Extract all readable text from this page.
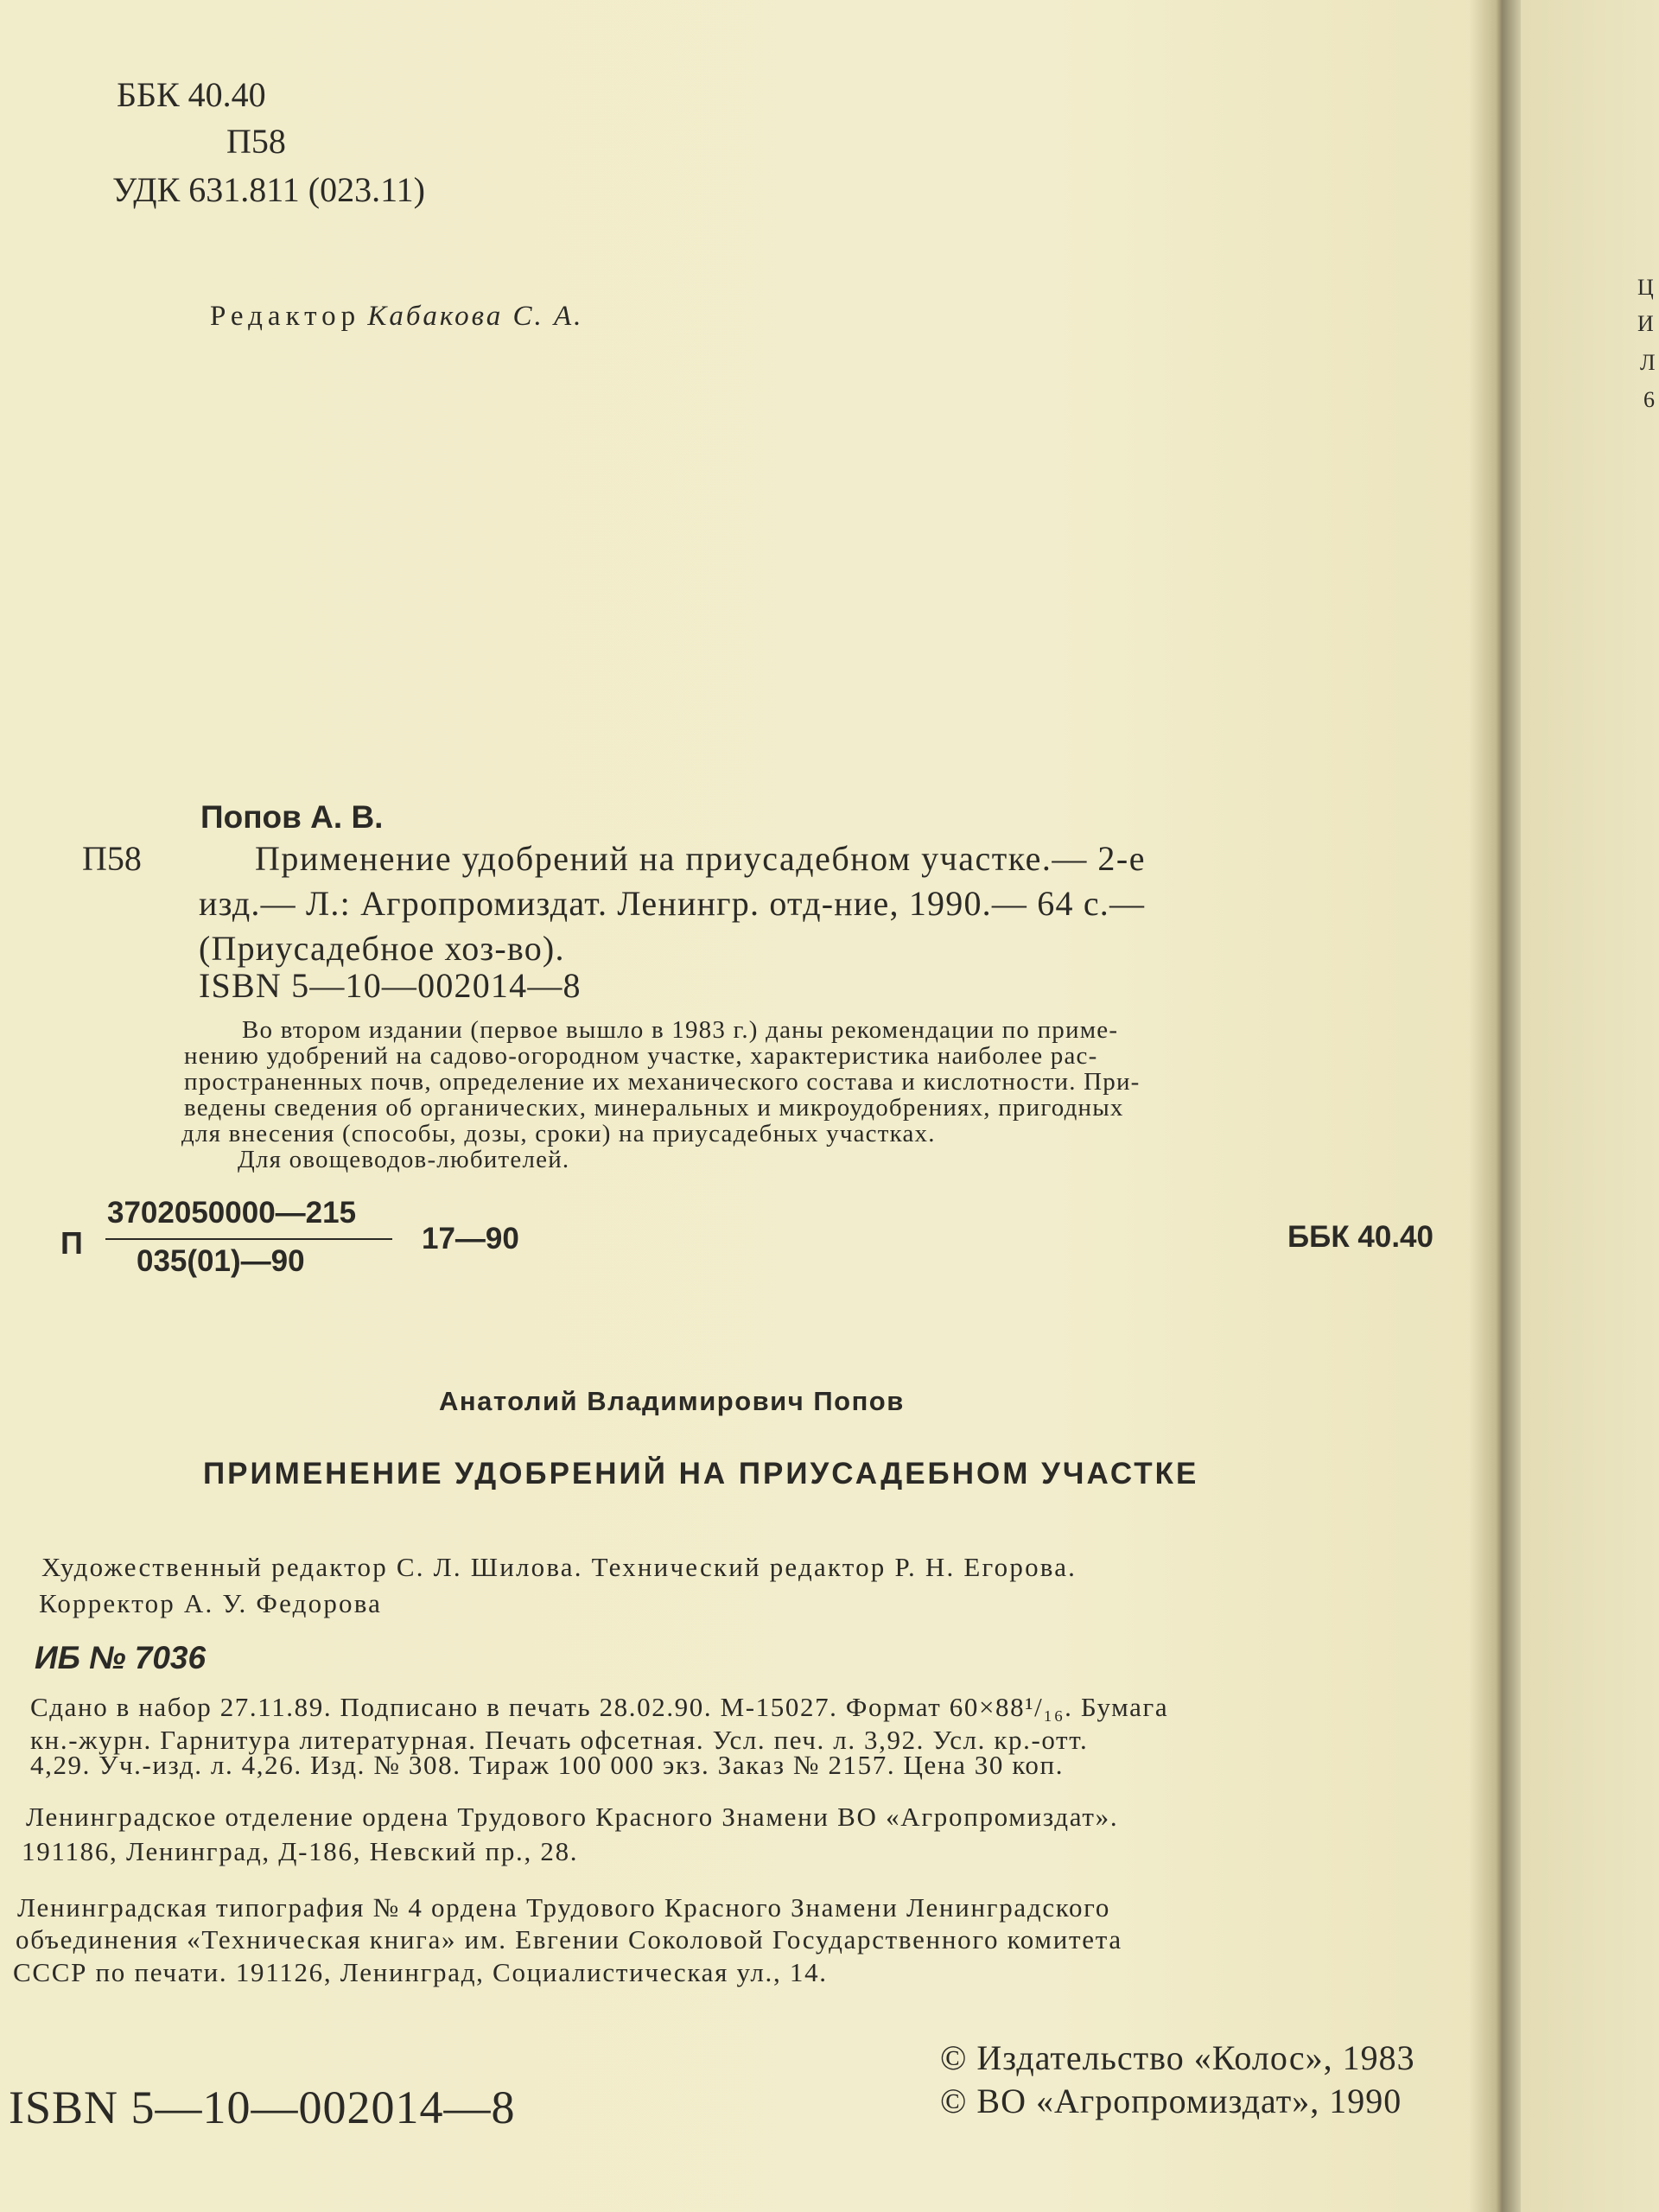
Ц
И
Л
6
ББК 40.40
П58
УДК 631.811 (023.11)
Редактор Кабакова С. А.
Попов А. В.
П58	Применение удобрений на приусадебном участке.— 2-е
изд.— Л.: Агропромиздат. Ленингр. отд-ние, 1990.— 64 с.—
(Приусадебное хоз-во).
ISBN 5—10—002014—8
Во втором издании (первое вышло в 1983 г.) даны рекомендации по приме-
нению удобрений на садово-огородном участке, характеристика наиболее рас-
пространенных почв, определение их механического состава и кислотности. При-
ведены сведения об органических, минеральных и микроудобрениях, пригодных
для внесения (способы, дозы, сроки) на приусадебных участках.
Для овощеводов-любителей.
П
3702050000—215
035(01)—90
17—90	ББК 40.40
Анатолий Владимирович Попов
ПРИМЕНЕНИЕ УДОБРЕНИЙ НА ПРИУСАДЕБНОМ УЧАСТКЕ
Художественный редактор С. Л. Шилова. Технический редактор Р. Н. Егорова.
Корректор А. У. Федорова
ИБ № 7036
Сдано в набор 27.11.89. Подписано в печать 28.02.90. М-15027. Формат 60×88¹/₁₆. Бумага
кн.-журн. Гарнитура литературная. Печать офсетная. Усл. печ. л. 3,92. Усл. кр.-отт.
4,29. Уч.-изд. л. 4,26. Изд. № 308. Тираж 100 000 экз. Заказ № 2157. Цена 30 коп.
Ленинградское отделение ордена Трудового Красного Знамени ВО «Агропромиздат».
191186, Ленинград, Д-186, Невский пр., 28.
Ленинградская типография № 4 ордена Трудового Красного Знамени Ленинградского
объединения «Техническая книга» им. Евгении Соколовой Государственного комитета
СССР по печати. 191126, Ленинград, Социалистическая ул., 14.
ISBN 5—10—002014—8
© Издательство «Колос», 1983
© ВО «Агропромиздат», 1990
